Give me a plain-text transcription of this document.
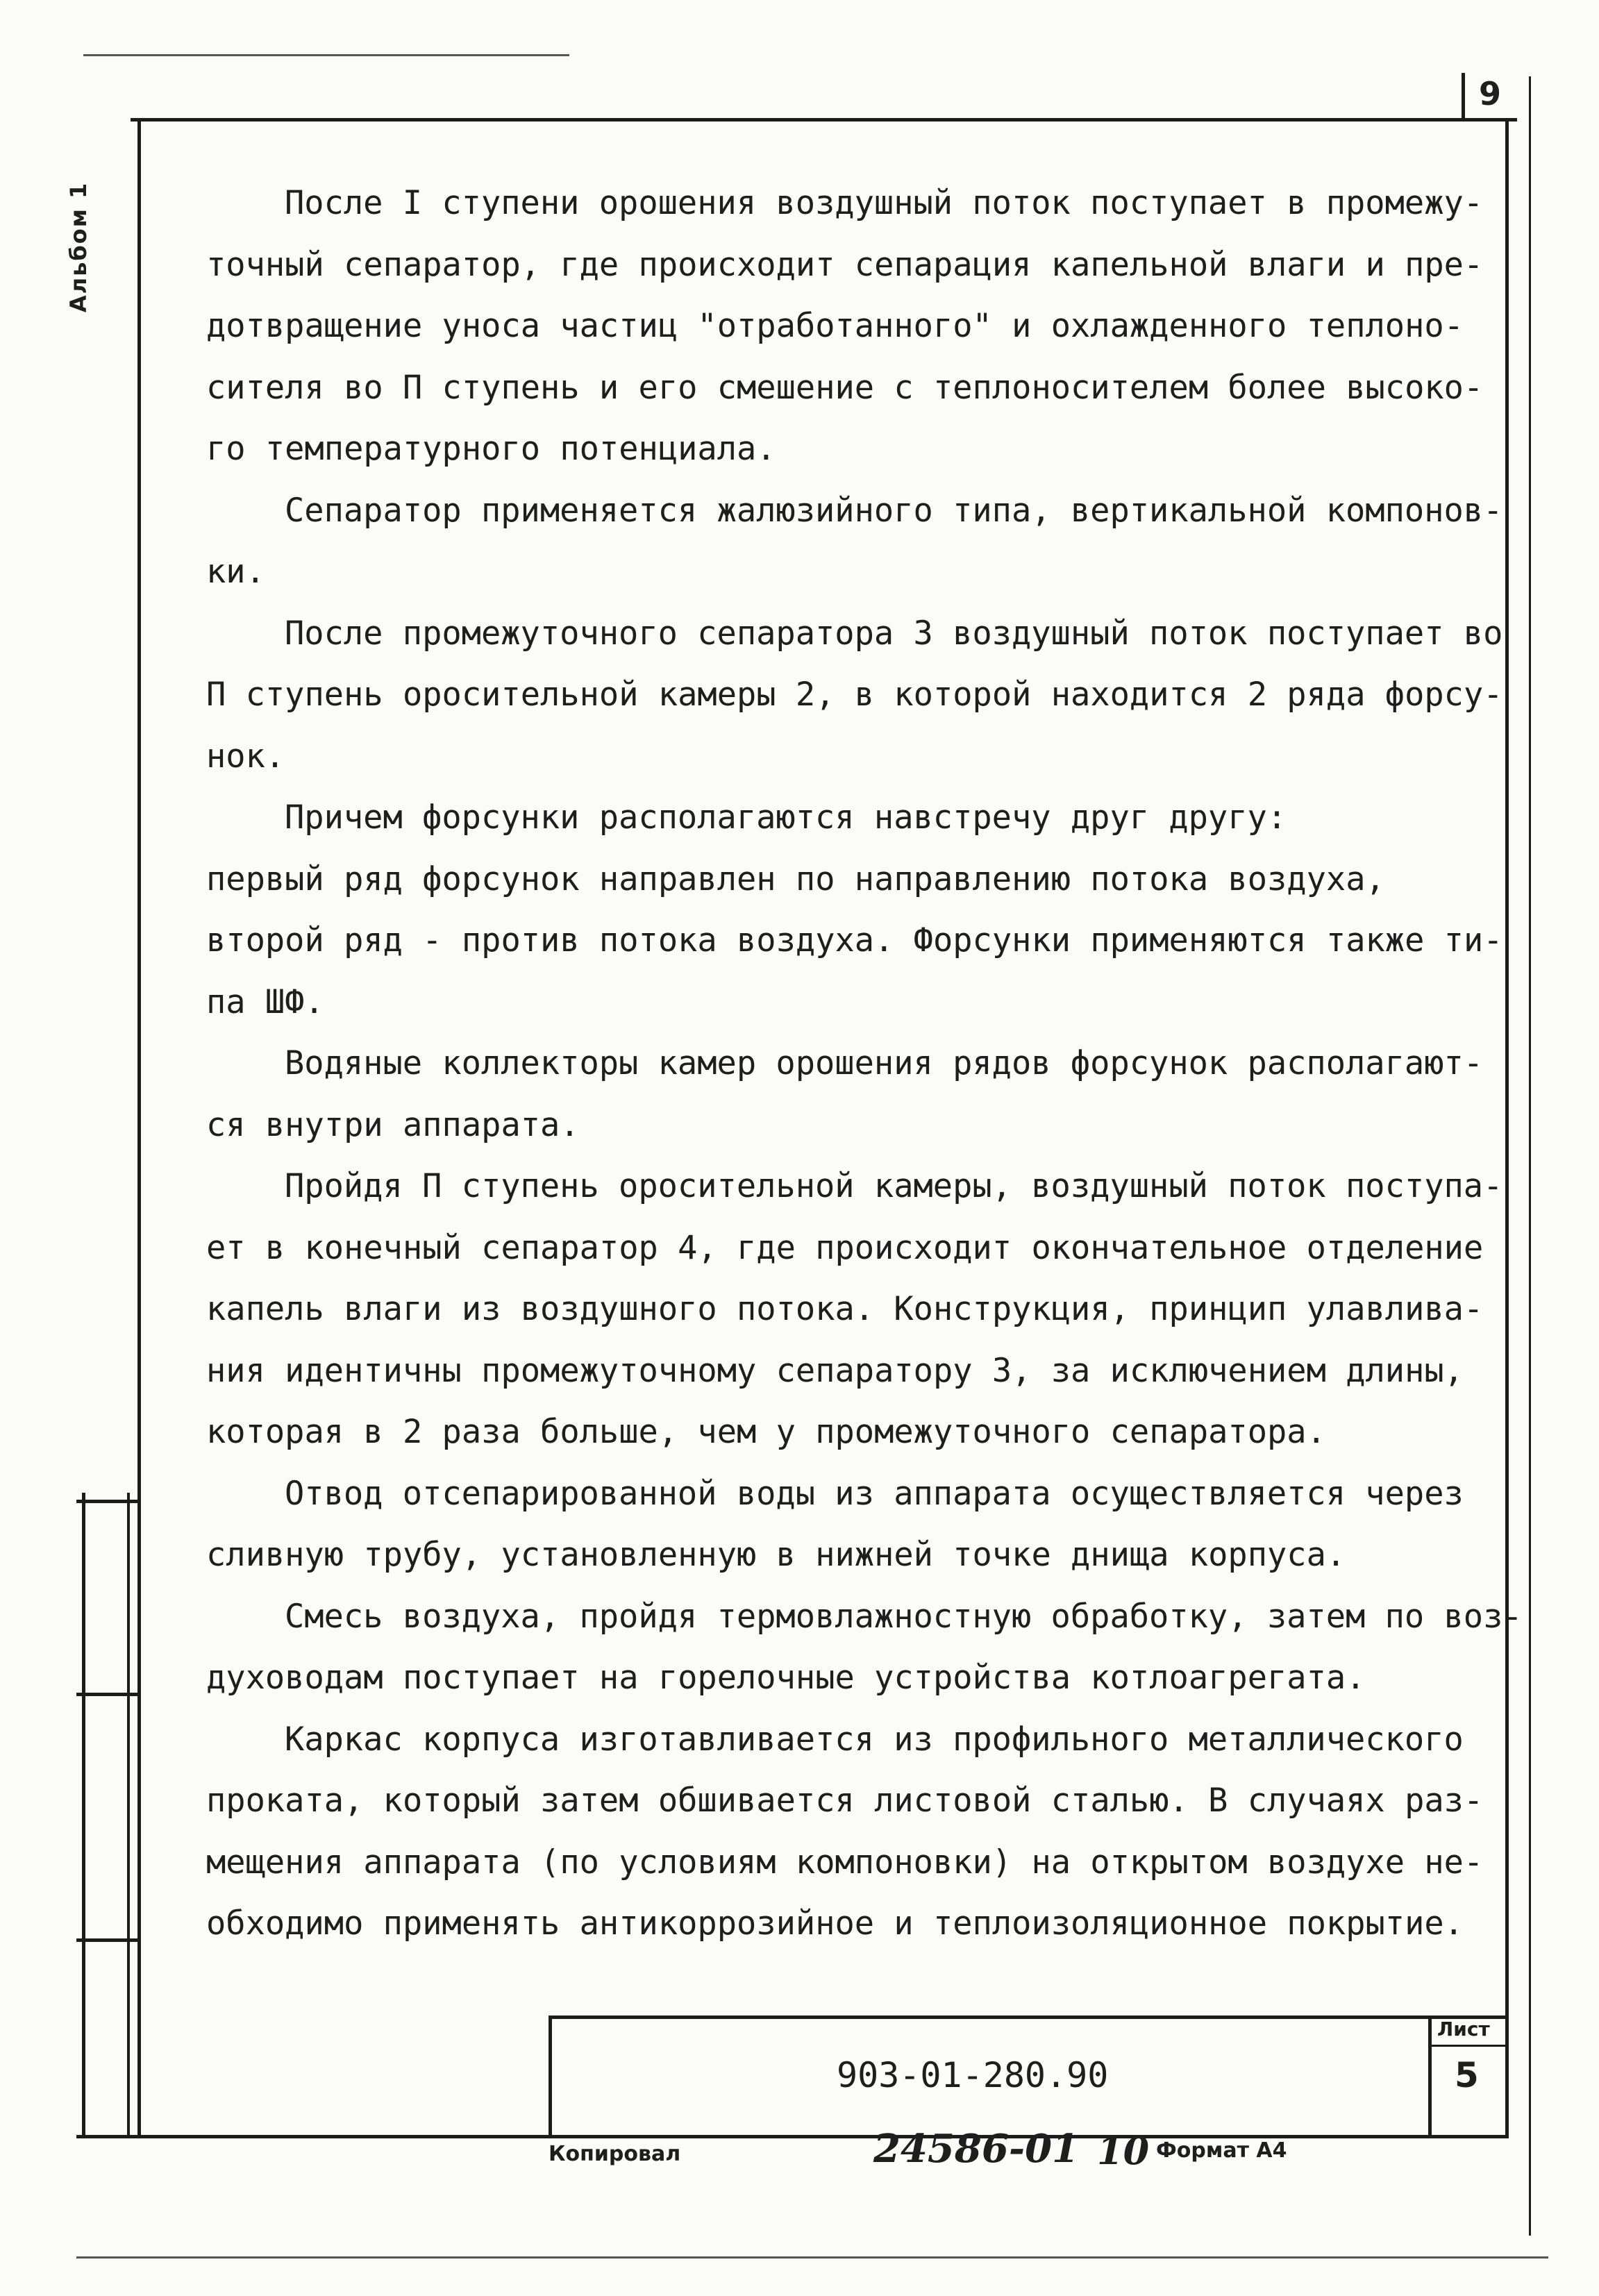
9
Альбом 1	После I ступени орошения воздушный поток поступает в промежу-
точный сепаратор, где происходит сепарация капельной влаги и пре-
дотвращение уноса частиц "отработанного" и охлажденного теплоно-
сителя во П ступень и его смешение с теплоносителем более высоко-
го температурного потенциала.
Сепаратор применяется жалюзийного типа, вертикальной компонов-
ки.
После промежуточного сепаратора 3 воздушный поток поступает во
П ступень оросительной камеры 2, в которой находится 2 ряда форсу-
нок.
Причем форсунки располагаются навстречу друг другу:
первый ряд форсунок направлен по направлению потока воздуха,
второй ряд - против потока воздуха. Форсунки применяются также ти-
па ШФ.
Водяные коллекторы камер орошения рядов форсунок располагают-
ся внутри аппарата.
Пройдя П ступень оросительной камеры, воздушный поток поступа-
ет в конечный сепаратор 4, где происходит окончательное отделение
капель влаги из воздушного потока. Конструкция, принцип улавлива-
ния идентичны промежуточному сепаратору 3, за исключением длины,
которая в 2 раза больше, чем у промежуточного сепаратора.
Отвод отсепарированной воды из аппарата осуществляется через
сливную трубу, установленную в нижней точке днища корпуса.
Смесь воздуха, пройдя термовлажностную обработку, затем по воз-
духоводам поступает на горелочные устройства котлоагрегата.
Каркас корпуса изготавливается из профильного металлического
проката, который затем обшивается листовой сталью. В случаях раз-
мещения аппарата (по условиям компоновки) на открытом воздухе не-
обходимо применять антикоррозийное и теплоизоляционное покрытие.
903-01-280.90
Лист
5
Копировал	24586-01 10 Формат А4
